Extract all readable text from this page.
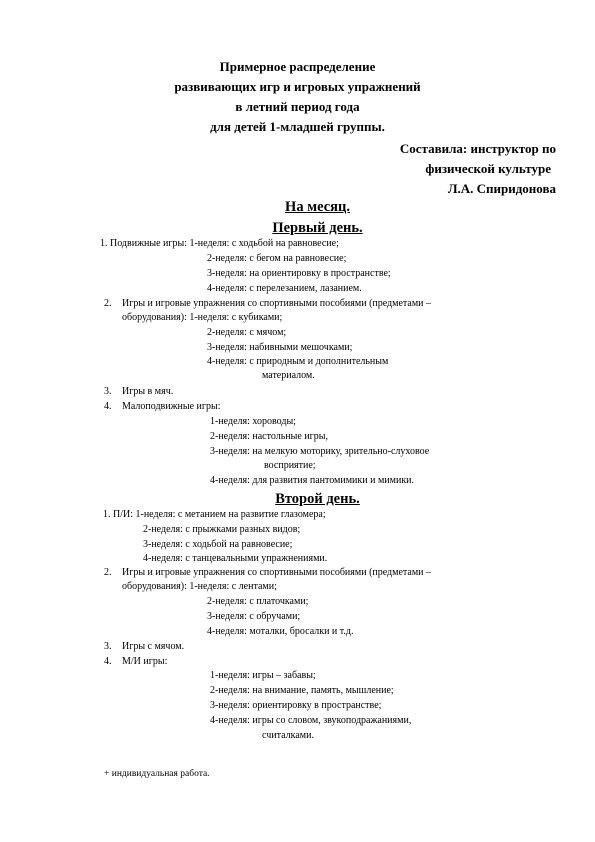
Примерное распределение
развивающих игр и игровых упражнений
в летний период года
для детей 1-младшей группы.
Составила: инструктор по
физической культуре
Л.А. Спиридонова
На месяц.
Первый день.
1. Подвижные игры: 1-неделя: с ходьбой на равновесие;
2-неделя: с бегом на равновесие;
3-неделя: на ориентировку в пространстве;
4-неделя: с перелезанием, лазанием.
2. Игры и игровые упражнения со спортивными пособиями (предметами –
оборудования): 1-неделя: с кубиками;
2-неделя: с мячом;
3-неделя: набивными мешочками;
4-неделя: с природным и дополнительным
материалом.
3. Игры в мяч.
4. Малоподвижные игры:
1-неделя: хороводы;
2-неделя: настольные игры,
3-неделя: на мелкую моторику, зрительно-слуховое
восприятие;
4-неделя: для развития пантомимики и мимики.
Второй день.
1. П/И: 1-неделя: с метанием на развитие глазомера;
2-неделя: с прыжками разных видов;
3-неделя: с ходьбой на равновесие;
4-неделя: с танцевальными упражнениями.
2. Игры и игровые упражнения со спортивными пособиями (предметами –
оборудования): 1-неделя: с лентами;
2-неделя: с платочками;
3-неделя: с обручами;
4-неделя: моталки, бросалки и т.д.
3. Игры с мячом.
4. М/И игры:
1-неделя: игры – забавы;
2-неделя: на внимание, память, мышление;
3-неделя: ориентировку в пространстве;
4-неделя: игры со словом, звукоподражаниями,
считалками.
+ индивидуальная работа.
